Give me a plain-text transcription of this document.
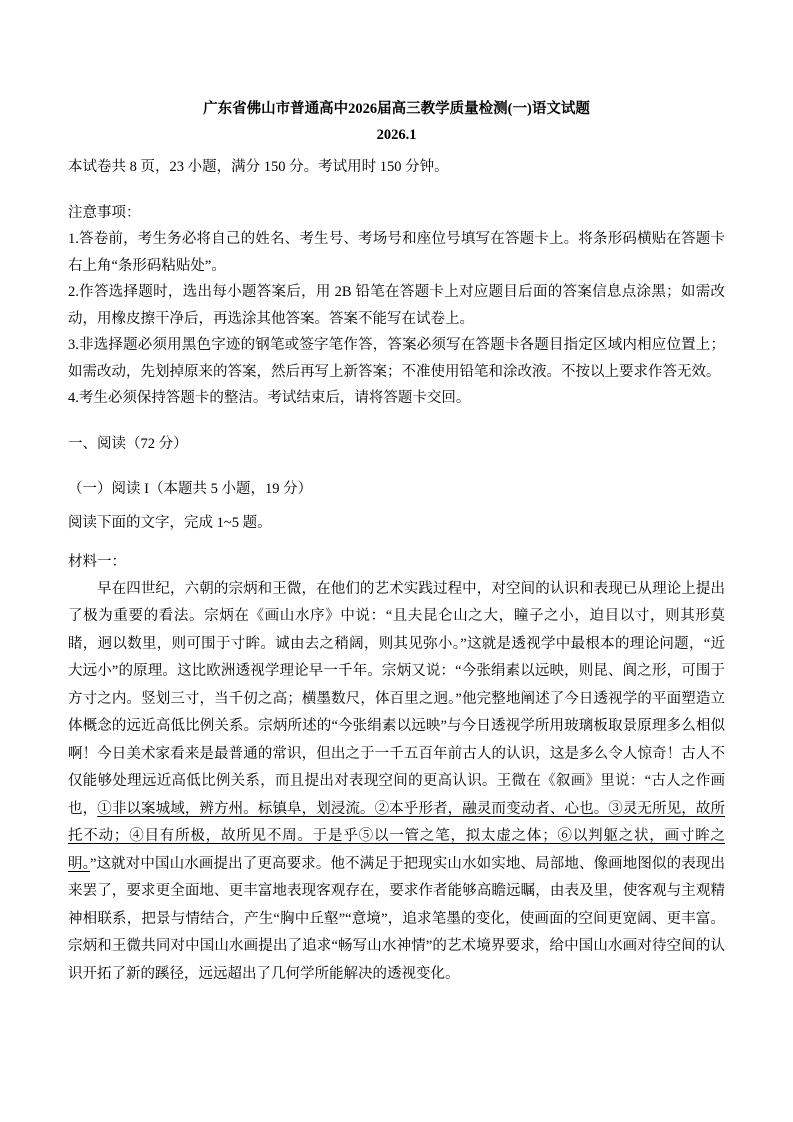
广东省佛山市普通高中2026届高三教学质量检测(一)语文试题
2026.1

本试卷共 8 页，23 小题，满分 150 分。考试用时 150 分钟。

注意事项：

1.答卷前，考生务必将自己的姓名、考生号、考场号和座位号填写在答题卡上。将条形码横贴在答题卡右上角“条形码粘贴处”。

2.作答选择题时，选出每小题答案后，用 2B 铅笔在答题卡上对应题目后面的答案信息点涂黑；如需改动，用橡皮擦干净后，再选涂其他答案。答案不能写在试卷上。

3.非选择题必须用黑色字迹的钢笔或签字笔作答，答案必须写在答题卡各题目指定区域内相应位置上；如需改动，先划掉原来的答案，然后再写上新答案；不准使用铅笔和涂改液。不按以上要求作答无效。

4.考生必须保持答题卡的整洁。考试结束后，请将答题卡交回。

一、阅读（72 分）

（一）阅读 I（本题共 5 小题，19 分）

阅读下面的文字，完成 1~5 题。

材料一：

早在四世纪，六朝的宗炳和王微，在他们的艺术实践过程中，对空间的认识和表现已从理论上提出了极为重要的看法。宗炳在《画山水序》中说：“且夫昆仑山之大，瞳子之小，迫目以寸，则其形莫睹，迥以数里，则可围于寸眸。诚由去之稍阔，则其见弥小。”这就是透视学中最根本的理论问题，“近大远小”的原理。这比欧洲透视学理论早一千年。宗炳又说：“今张绢素以远映，则昆、阆之形，可围于方寸之内。竖划三寸，当千仞之高；横墨数尺，体百里之迥。”他完整地阐述了今日透视学的平面塑造立体概念的远近高低比例关系。宗炳所述的“今张绢素以远映”与今日透视学所用玻璃板取景原理多么相似啊！今日美术家看来是最普通的常识，但出之于一千五百年前古人的认识，这是多么令人惊奇！古人不仅能够处理远近高低比例关系，而且提出对表现空间的更高认识。王微在《叙画》里说：“古人之作画也，①非以案城域，辨方州。标镇阜，划浸流。②本乎形者，融灵而变动者、心也。③灵无所见，故所托不动；④目有所极，故所见不周。于是乎⑤以一管之笔，拟太虚之体；⑥以判躯之状，画寸眸之明。”这就对中国山水画提出了更高要求。他不满足于把现实山水如实地、局部地、像画地图似的表现出来罢了，要求更全面地、更丰富地表现客观存在，要求作者能够高瞻远瞩，由表及里，使客观与主观精神相联系，把景与情结合，产生“胸中丘壑”“意境”，追求笔墨的变化，使画面的空间更宽阔、更丰富。宗炳和王微共同对中国山水画提出了追求“畅写山水神情”的艺术境界要求，给中国山水画对待空间的认识开拓了新的蹊径，远远超出了几何学所能解决的透视变化。
